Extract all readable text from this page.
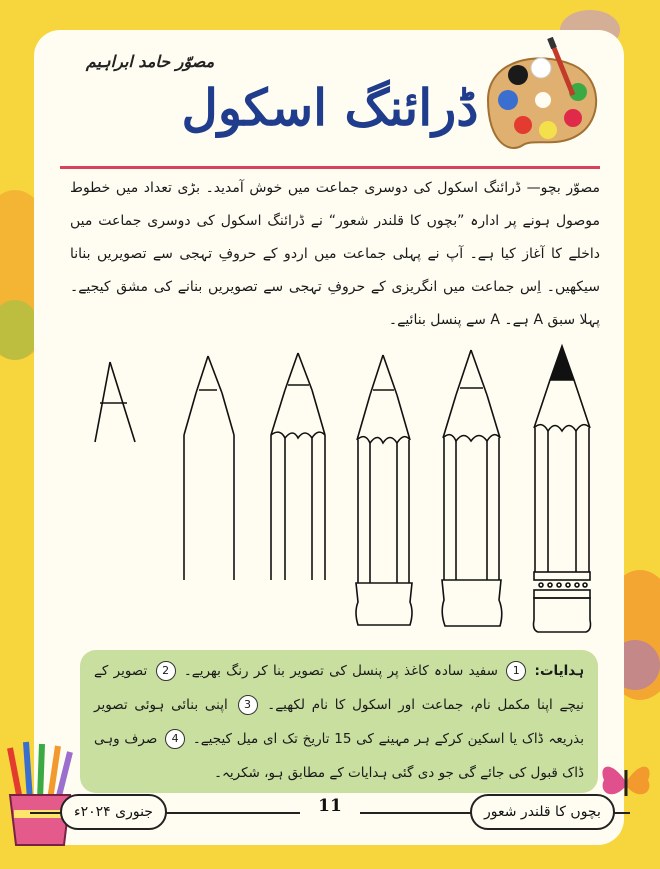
مصوّر حامد ابراہیم
ڈرائنگ اسکول
مصوّر بچو— ڈرائنگ اسکول کی دوسری جماعت میں خوش آمدید۔ بڑی تعداد میں خطوط موصول ہونے پر ادارہ ”بچوں کا قلندر شعور“ نے ڈرائنگ اسکول کی دوسری جماعت میں داخلے کا آغاز کیا ہے۔ آپ نے پہلی جماعت میں اردو کے حروفِ تہجی سے تصویریں بنانا سیکھیں۔ اِس جماعت میں انگریزی کے حروفِ تہجی سے تصویریں بنانے کی مشق کیجیے۔ پہلا سبق A ہے۔ A سے پنسل بنائیے۔
ہدایات: 1 سفید سادہ کاغذ پر پنسل کی تصویر بنا کر رنگ بھریے۔ 2 تصویر کے نیچے اپنا مکمل نام، جماعت اور اسکول کا نام لکھیے۔ 3 اپنی بنائی ہوئی تصویر بذریعہ ڈاک یا اسکین کرکے ہر مہینے کی 15 تاریخ تک ای میل کیجیے۔ 4 صرف وہی ڈاک قبول کی جائے گی جو دی گئی ہدایات کے مطابق ہو، شکریہ۔
جنوری ۲۰۲۴ء	11	بچوں کا قلندر شعور
